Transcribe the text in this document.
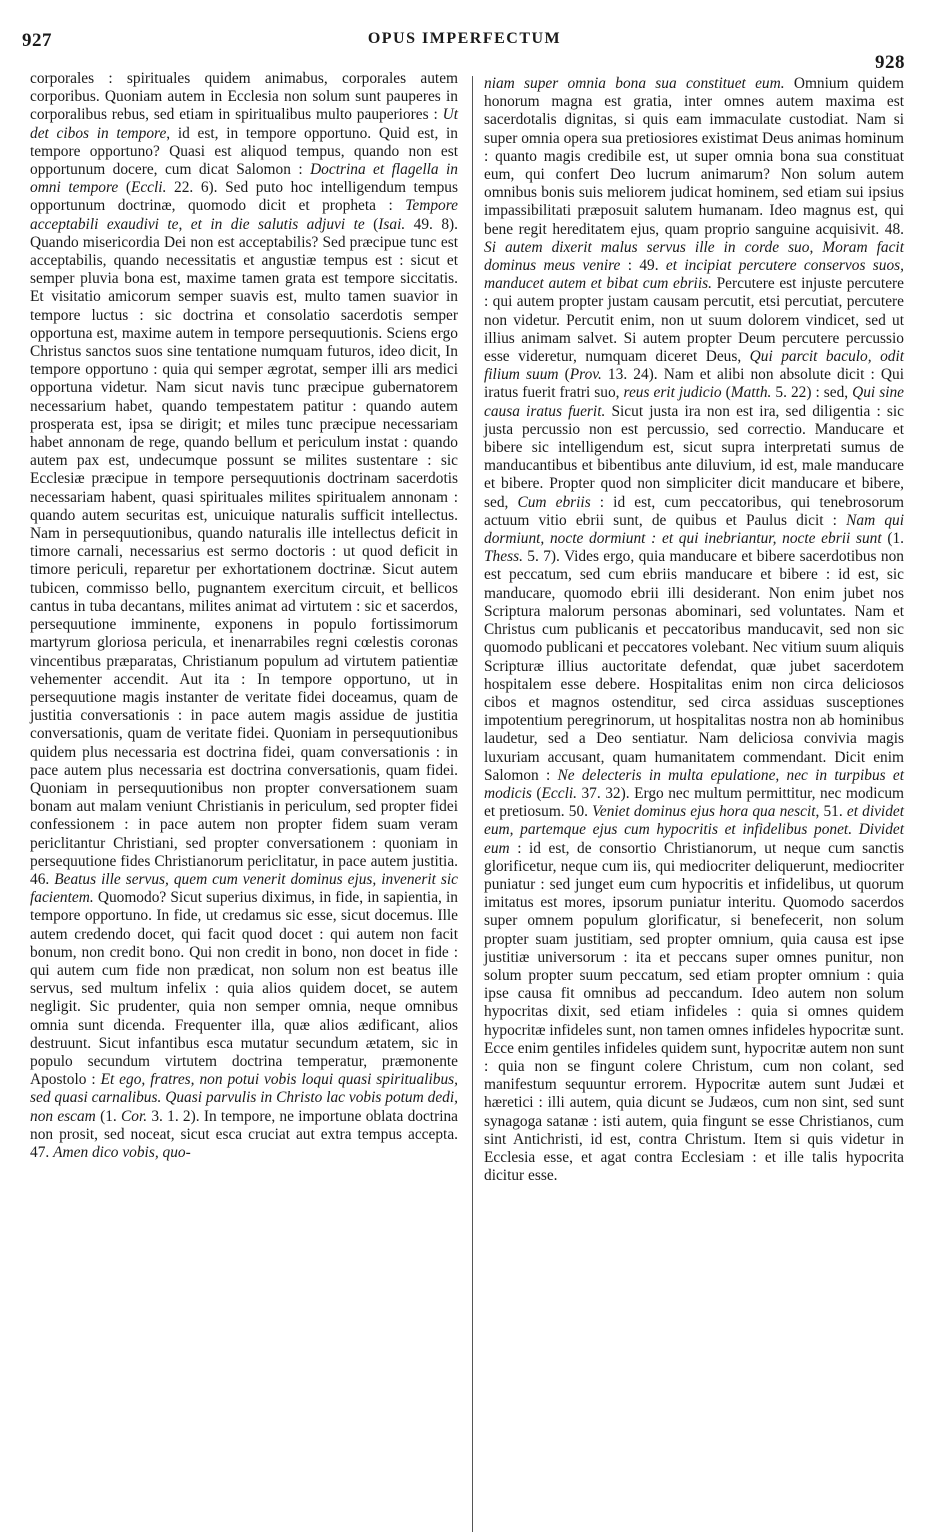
927	OPUS IMPERFECTUM
928

corporales : spirituales quidem animabus, corporales autem corporibus. Quoniam autem in Ecclesia non solum sunt pauperes in corporalibus rebus, sed etiam in spiritualibus multo pauperiores : Ut det cibos in tempore, id est, in tempore opportuno. Quid est, in tempore opportuno? Quasi est aliquod tempus, quando non est opportunum docere, cum dicat Salomon : Doctrina et flagella in omni tempore (Eccli. 22. 6). Sed puto hoc intelligendum tempus opportunum doctrinæ, quomodo dicit et propheta : Tempore acceptabili exaudivi te, et in die salutis adjuvi te (Isai. 49. 8). Quando misericordia Dei non est acceptabilis? Sed præcipue tunc est acceptabilis, quando necessitatis et angustiæ tempus est : sicut et semper pluvia bona est, maxime tamen grata est tempore siccitatis. Et visitatio amicorum semper suavis est, multo tamen suavior in tempore luctus : sic doctrina et consolatio sacerdotis semper opportuna est, maxime autem in tempore persequutionis. Sciens ergo Christus sanctos suos sine tentatione numquam futuros, ideo dicit, In tempore opportuno : quia qui semper ægrotat, semper illi ars medici opportuna videtur. Nam sicut navis tunc præcipue gubernatorem necessarium habet, quando tempestatem patitur : quando autem prosperata est, ipsa se dirigit; et miles tunc præcipue necessariam habet annonam de rege, quando bellum et periculum instat : quando autem pax est, undecumque possunt se milites sustentare : sic Ecclesiæ præcipue in tempore persequutionis doctrinam sacerdotis necessariam habent, quasi spirituales milites spiritualem annonam : quando autem securitas est, unicuique naturalis sufficit intellectus. Nam in persequutionibus, quando naturalis ille intellectus deficit in timore carnali, necessarius est sermo doctoris : ut quod deficit in timore periculi, reparetur per exhortationem doctrinæ. Sicut autem tubicen, commisso bello, pugnantem exercitum circuit, et bellicos cantus in tuba decantans, milites animat ad virtutem : sic et sacerdos, persequutione imminente, exponens in populo fortissimorum martyrum gloriosa pericula, et inenarrabiles regni cœlestis coronas vincentibus præparatas, Christianum populum ad virtutem patientiæ vehementer accendit. Aut ita : In tempore opportuno, ut in persequutione magis instanter de veritate fidei doceamus, quam de justitia conversationis : in pace autem magis assidue de justitia conversationis, quam de veritate fidei. Quoniam in persequutionibus quidem plus necessaria est doctrina fidei, quam conversationis : in pace autem plus necessaria est doctrina conversationis, quam fidei. Quoniam in persequutionibus non propter conversationem suam bonam aut malam veniunt Christianis in periculum, sed propter fidei confessionem : in pace autem non propter fidem suam veram periclitantur Christiani, sed propter conversationem : quoniam in persequutione fides Christianorum periclitatur, in pace autem justitia. 46. Beatus ille servus, quem cum venerit dominus ejus, invenerit sic facientem. Quomodo? Sicut superius diximus, in fide, in sapientia, in tempore opportuno. In fide, ut credamus sic esse, sicut docemus. Ille autem credendo docet, qui facit quod docet : qui autem non facit bonum, non credit bono. Qui non credit in bono, non docet in fide : qui autem cum fide non prædicat, non solum non est beatus ille servus, sed multum infelix : quia alios quidem docet, se autem negligit. Sic prudenter, quia non semper omnia, neque omnibus omnia sunt dicenda. Frequenter illa, quæ alios ædificant, alios destruunt. Sicut infantibus esca mutatur secundum ætatem, sic in populo secundum virtutem doctrina temperatur, præmonente Apostolo : Et ego, fratres, non potui vobis loqui quasi spiritualibus, sed quasi carnalibus. Quasi parvulis in Christo lac vobis potum dedi, non escam (1. Cor. 3. 1. 2). In tempore, ne importune oblata doctrina non prosit, sed noceat, sicut esca cruciat aut extra tempus accepta. 47. Amen dico vobis, quo-

niam super omnia bona sua constituet eum. Omnium quidem honorum magna est gratia, inter omnes autem maxima est sacerdotalis dignitas, si quis eam immaculate custodiat. Nam si super omnia opera sua pretiosiores existimat Deus animas hominum : quanto magis credibile est, ut super omnia bona sua constituat eum, qui confert Deo lucrum animarum? Non solum autem omnibus bonis suis meliorem judicat hominem, sed etiam sui ipsius impassibilitati præposuit salutem humanam. Ideo magnus est, qui bene regit hereditatem ejus, quam proprio sanguine acquisivit. 48. Si autem dixerit malus servus ille in corde suo, Moram facit dominus meus venire : 49. et incipiat percutere conservos suos, manducet autem et bibat cum ebriis. Percutere est injuste percutere : qui autem propter justam causam percutit, etsi percutiat, percutere non videtur. Percutit enim, non ut suum dolorem vindicet, sed ut illius animam salvet. Si autem propter Deum percutere percussio esse videretur, numquam diceret Deus, Qui parcit baculo, odit filium suum (Prov. 13. 24). Nam et alibi non absolute dicit : Qui iratus fuerit fratri suo, reus erit judicio (Matth. 5. 22) : sed, Qui sine causa iratus fuerit. Sicut justa ira non est ira, sed diligentia : sic justa percussio non est percussio, sed correctio. Manducare et bibere sic intelligendum est, sicut supra interpretati sumus de manducantibus et bibentibus ante diluvium, id est, male manducare et bibere. Propter quod non simpliciter dicit manducare et bibere, sed, Cum ebriis : id est, cum peccatoribus, qui tenebrosorum actuum vitio ebrii sunt, de quibus et Paulus dicit : Nam qui dormiunt, nocte dormiunt : et qui inebriantur, nocte ebrii sunt (1. Thess. 5. 7). Vides ergo, quia manducare et bibere sacerdotibus non est peccatum, sed cum ebriis manducare et bibere : id est, sic manducare, quomodo ebrii illi desiderant. Non enim jubet nos Scriptura malorum personas abominari, sed voluntates. Nam et Christus cum publicanis et peccatoribus manducavit, sed non sic quomodo publicani et peccatores volebant. Nec vitium suum aliquis Scripturæ illius auctoritate defendat, quæ jubet sacerdotem hospitalem esse debere. Hospitalitas enim non circa deliciosos cibos et magnos ostenditur, sed circa assiduas susceptiones impotentium peregrinorum, ut hospitalitas nostra non ab hominibus laudetur, sed a Deo sentiatur. Nam deliciosa convivia magis luxuriam accusant, quam humanitatem commendant. Dicit enim Salomon : Ne delecteris in multa epulatione, nec in turpibus et modicis (Eccli. 37. 32). Ergo nec multum permittitur, nec modicum et pretiosum. 50. Veniet dominus ejus hora qua nescit, 51. et dividet eum, partemque ejus cum hypocritis et infidelibus ponet. Dividet eum : id est, de consortio Christianorum, ut neque cum sanctis glorificetur, neque cum iis, qui mediocriter deliquerunt, mediocriter puniatur : sed junget eum cum hypocritis et infidelibus, ut quorum imitatus est mores, ipsorum puniatur interitu. Quomodo sacerdos super omnem populum glorificatur, si benefecerit, non solum propter suam justitiam, sed propter omnium, quia causa est ipse justitiæ universorum : ita et peccans super omnes punitur, non solum propter suum peccatum, sed etiam propter omnium : quia ipse causa fit omnibus ad peccandum. Ideo autem non solum hypocritas dixit, sed etiam infideles : quia si omnes quidem hypocritæ infideles sunt, non tamen omnes infideles hypocritæ sunt. Ecce enim gentiles infideles quidem sunt, hypocritæ autem non sunt : quia non se fingunt colere Christum, cum non colant, sed manifestum sequuntur errorem. Hypocritæ autem sunt Judæi et hæretici : illi autem, quia dicunt se Judæos, cum non sint, sed sunt synagoga satanæ : isti autem, quia fingunt se esse Christianos, cum sint Antichristi, id est, contra Christum. Item si quis videtur in Ecclesia esse, et agat contra Ecclesiam : et ille talis hypocrita dicitur esse.
